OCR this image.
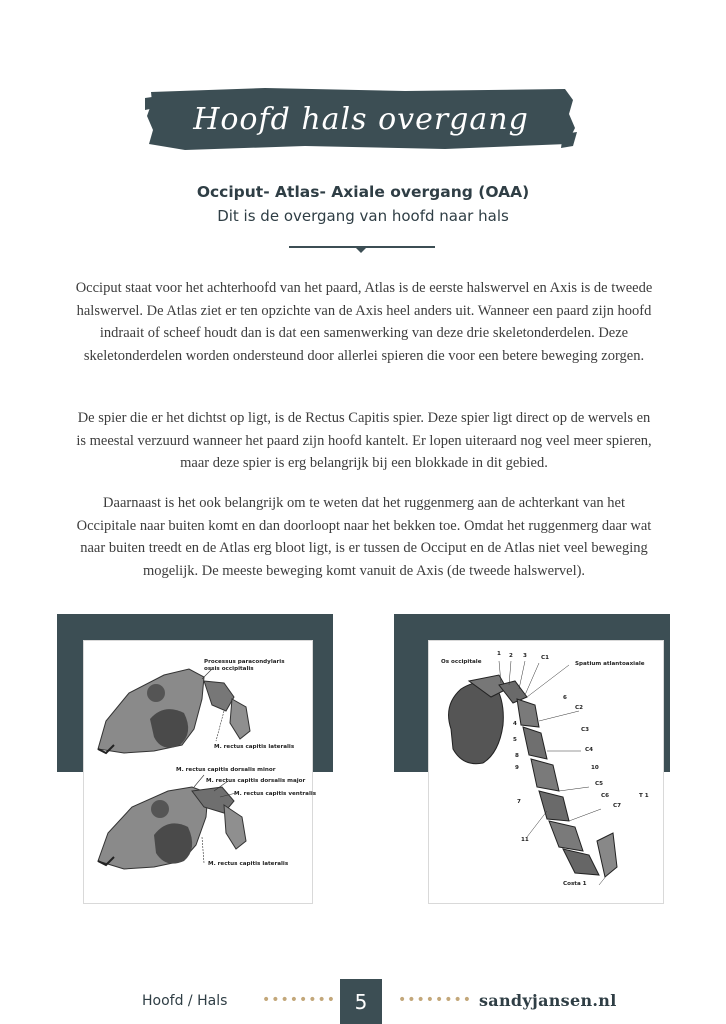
Hoofd hals overgang
Occiput- Atlas- Axiale overgang (OAA)
Dit is de overgang van hoofd naar hals

Occiput staat voor het achterhoofd van het paard, Atlas is de eerste halswervel en Axis is de tweede halswervel. De Atlas ziet er ten opzichte van de Axis heel anders uit. Wanneer een paard zijn hoofd indraait of scheef houdt dan is dat een samenwerking van deze drie skeletonderdelen. Deze skeletonderdelen worden ondersteund door allerlei spieren die voor een betere beweging zorgen.

De spier die er het dichtst op ligt, is de Rectus Capitis spier. Deze spier ligt direct op de wervels en is meestal verzuurd wanneer het paard zijn hoofd kantelt. Er lopen uiteraard nog veel meer spieren, maar deze spier is erg belangrijk bij een blokkade in dit gebied.

Daarnaast is het ook belangrijk om te weten dat het ruggenmerg aan de achterkant van het Occipitale naar buiten komt en dan doorloopt naar het bekken toe. Omdat het ruggenmerg daar wat naar buiten treedt en de Atlas erg bloot ligt, is er tussen de Occiput en de Atlas niet veel beweging mogelijk. De meeste beweging komt vanuit de Axis (de tweede halswervel).

Processus paracondylaris
ossis occipitalis
M. rectus capitis lateralis
M. rectus capitis dorsalis minor
M. rectus capitis dorsalis major
M. rectus capitis ventralis
M. rectus capitis lateralis
Os occipitale	Spatium atlantoaxiale
1 2 3
4
5
6
8
9	10
7
11
C1
C2
C3
C4
C5
C6
C7
T 1
Costa 1
Hoofd / Hals •••••••• 5	•••••••• sandyjansen.nl
